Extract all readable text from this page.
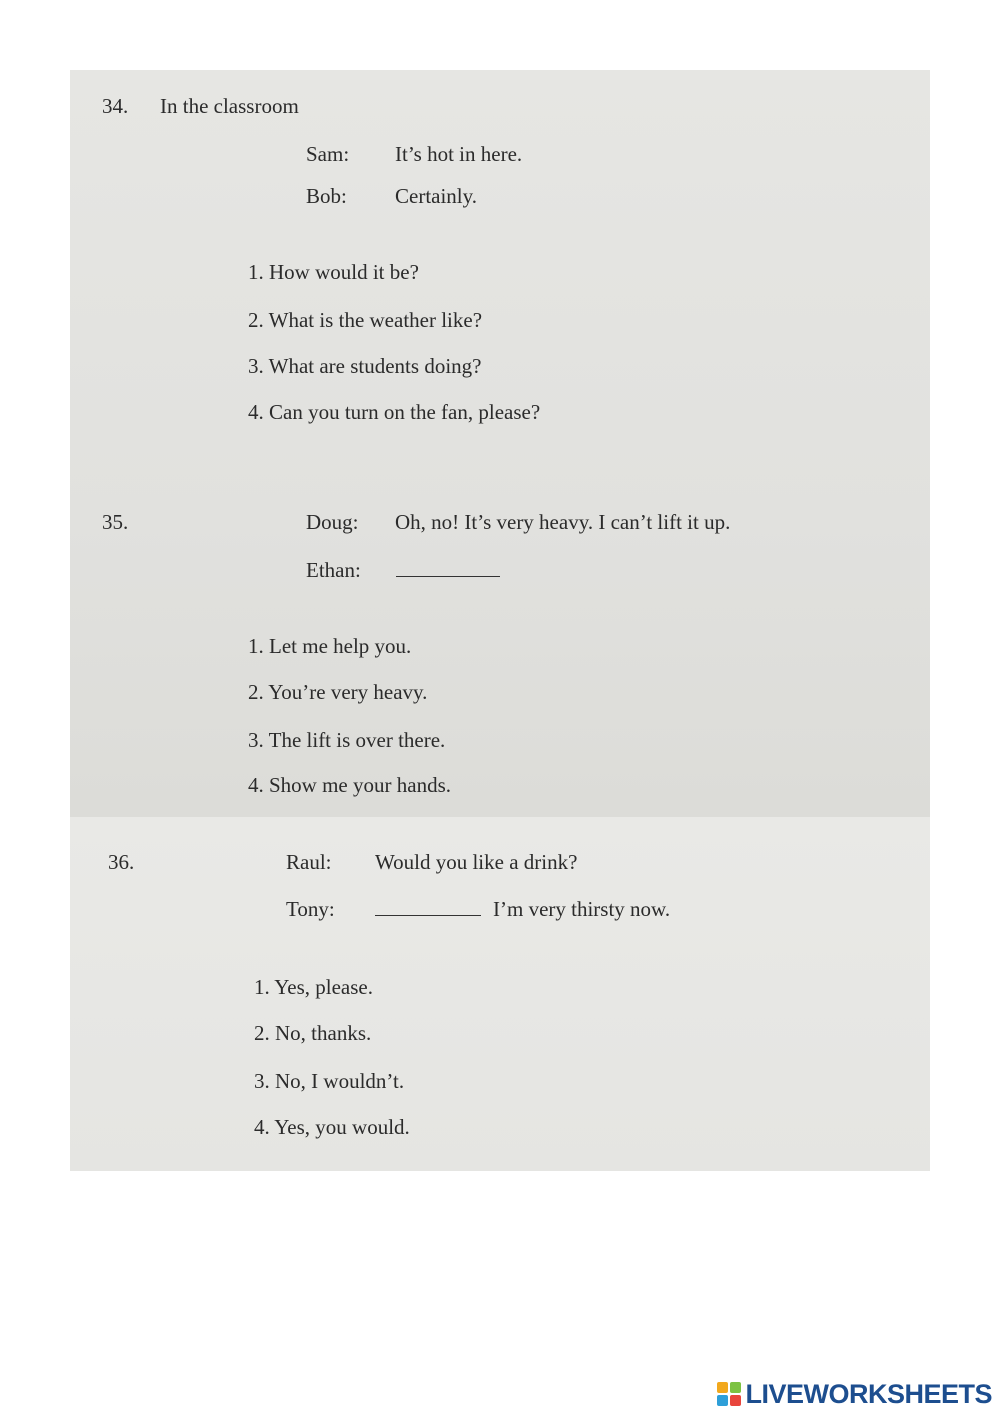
34. In the classroom
Sam: It’s hot in here.
Bob: Certainly.
1. How would it be?
2. What is the weather like?
3. What are students doing?
4. Can you turn on the fan, please?
35.	Doug: Oh, no! It’s very heavy. I can’t lift it up.
Ethan:
1. Let me help you.
2. You’re very heavy.
3. The lift is over there.
4. Show me your hands.
36.	Raul: Would you like a drink?
Tony:	I’m very thirsty now.
1. Yes, please.
2. No, thanks.
3. No, I wouldn’t.
4. Yes, you would.
LIVEWORKSHEETS
